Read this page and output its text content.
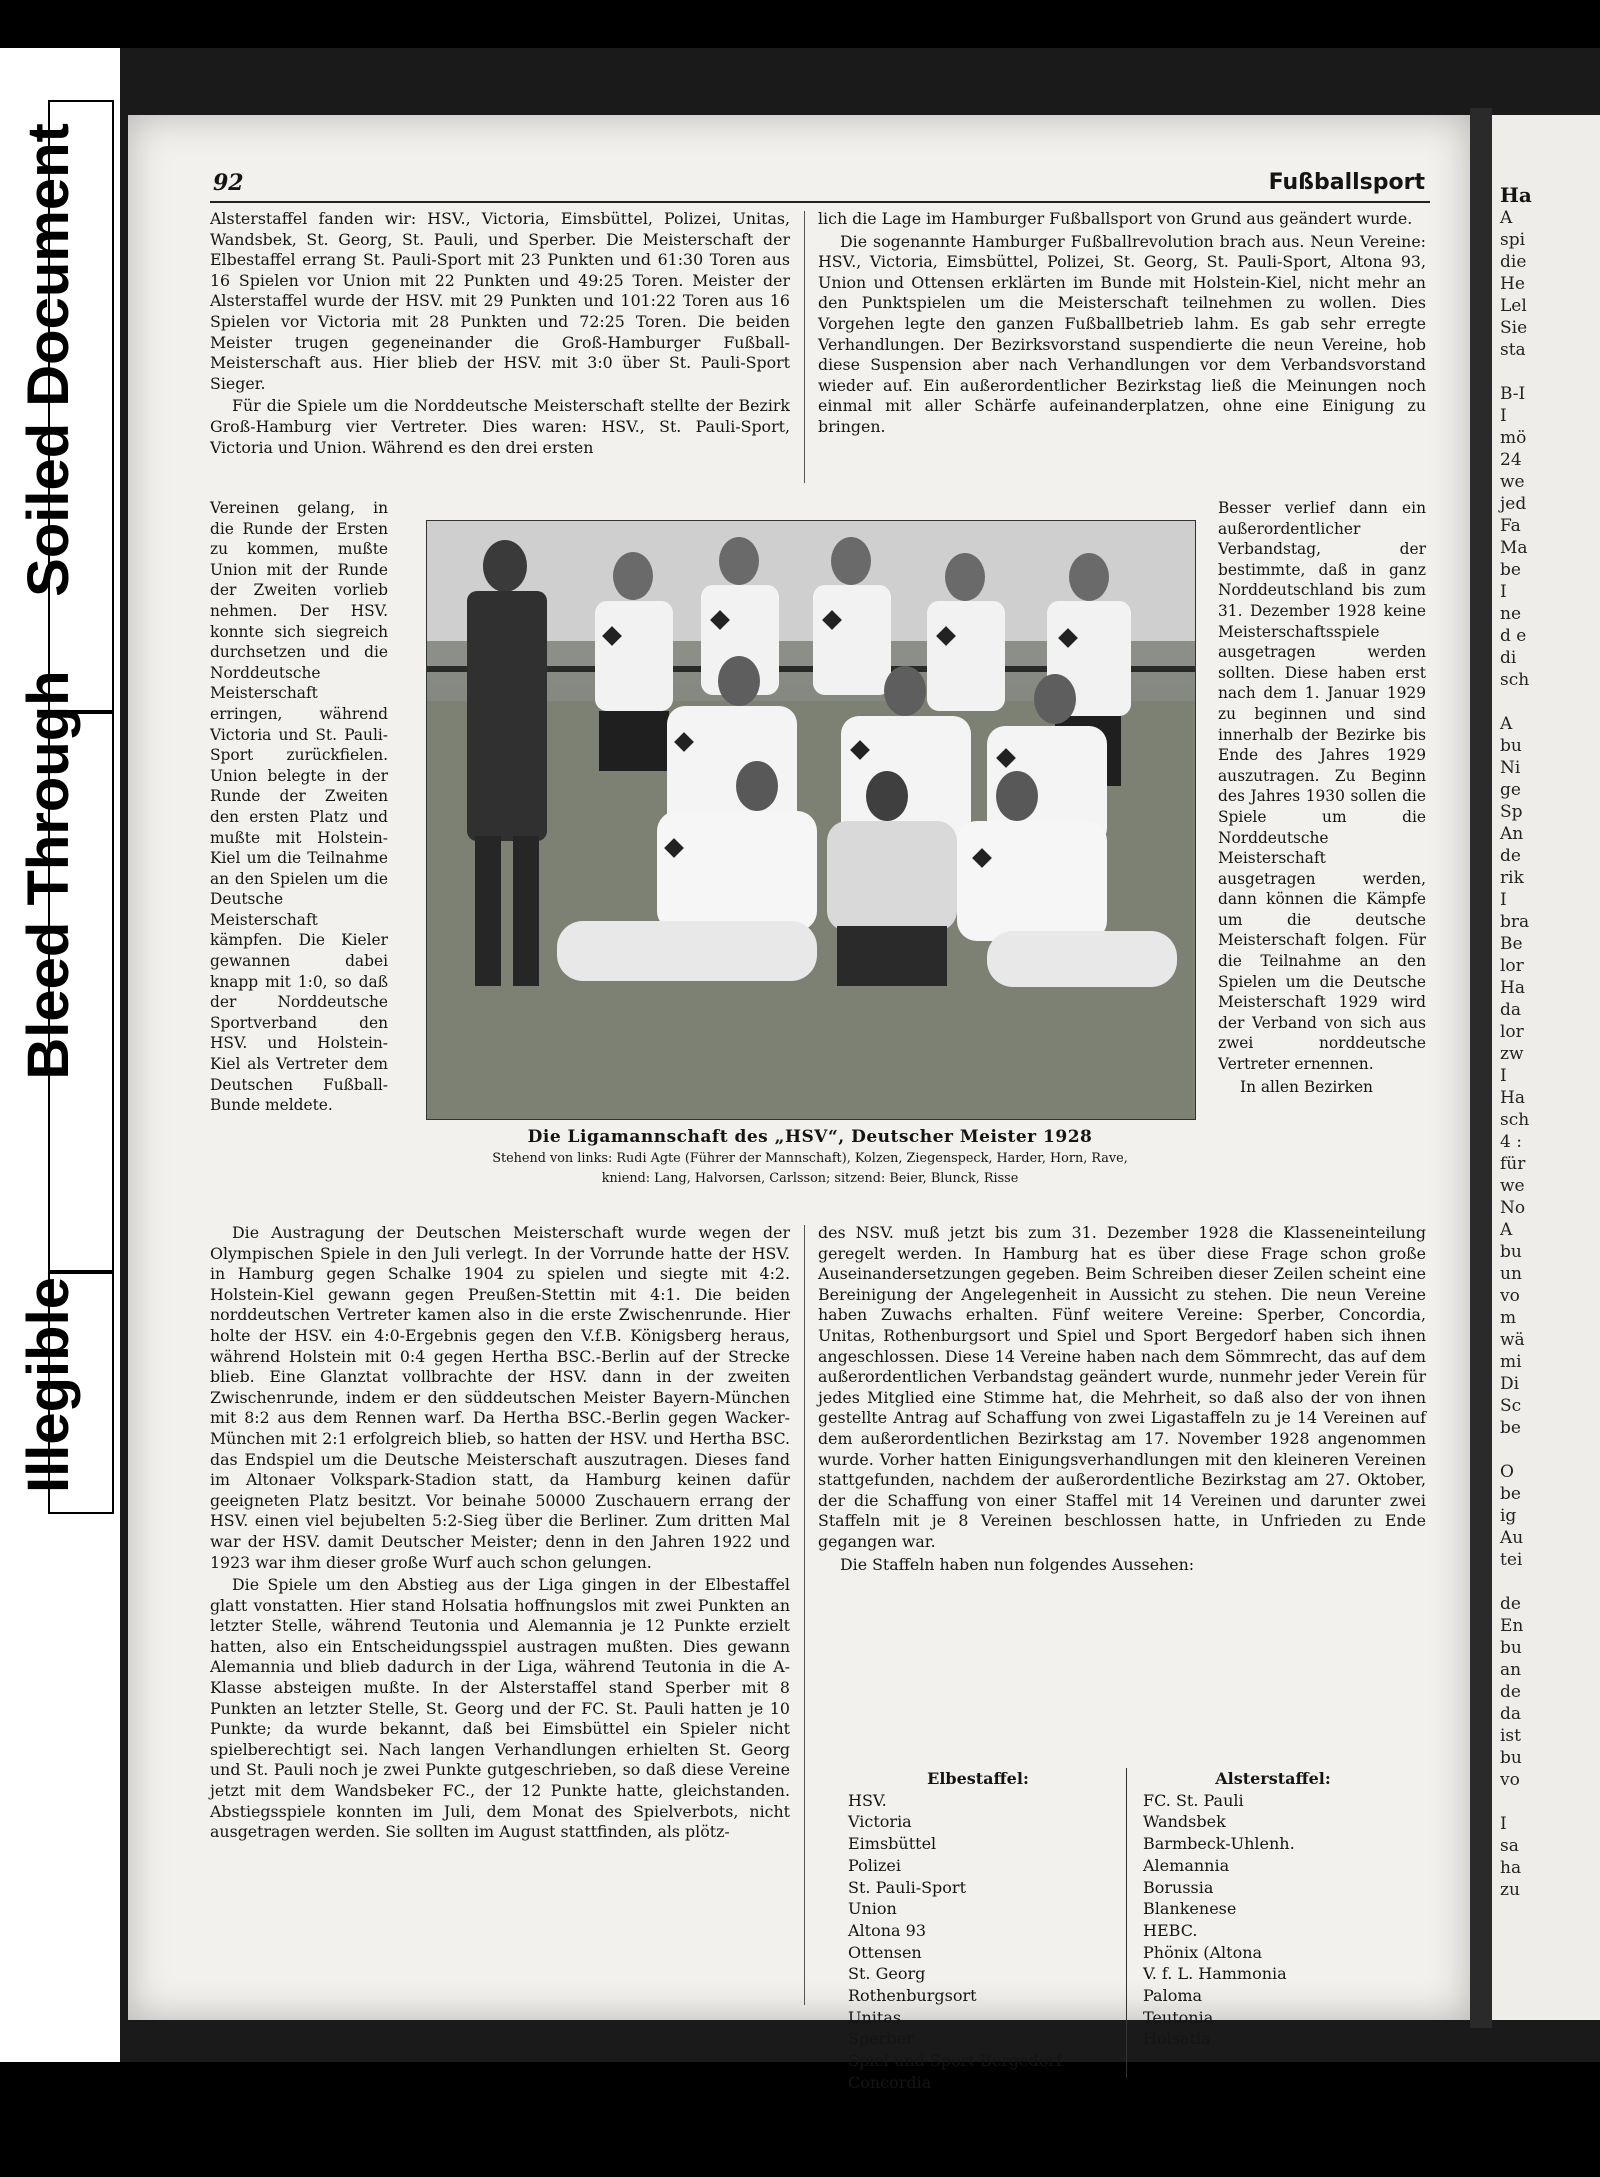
Illegible
Bleed Through
Soiled Document	92	Fußballsport

Alsterstaffel fanden wir: HSV., Victoria, Eimsbüttel, Polizei, Unitas, Wandsbek, St. Georg, St. Pauli, und Sperber. Die Meisterschaft der Elbestaffel errang St. Pauli-Sport mit 23 Punkten und 61:30 Toren aus 16 Spielen vor Union mit 22 Punkten und 49:25 Toren. Meister der Alsterstaffel wurde der HSV. mit 29 Punkten und 101:22 Toren aus 16 Spielen vor Victoria mit 28 Punkten und 72:25 Toren. Die beiden Meister trugen gegeneinander die Groß-Hamburger Fußball-Meisterschaft aus. Hier blieb der HSV. mit 3:0 über St. Pauli-Sport Sieger.

Für die Spiele um die Norddeutsche Meisterschaft stellte der Bezirk Groß-Hamburg vier Vertreter. Dies waren: HSV., St. Pauli-Sport, Victoria und Union. Während es den drei ersten

lich die Lage im Hamburger Fußballsport von Grund aus geändert wurde.

Die sogenannte Hamburger Fußballrevolution brach aus. Neun Vereine: HSV., Victoria, Eimsbüttel, Polizei, St. Georg, St. Pauli-Sport, Altona 93, Union und Ottensen erklärten im Bunde mit Holstein-Kiel, nicht mehr an den Punktspielen um die Meisterschaft teilnehmen zu wollen. Dies Vorgehen legte den ganzen Fußballbetrieb lahm. Es gab sehr erregte Verhandlungen. Der Bezirksvorstand suspendierte die neun Vereine, hob diese Suspension aber nach Verhandlungen vor dem Verbandsvorstand wieder auf. Ein außerordentlicher Bezirkstag ließ die Meinungen noch einmal mit aller Schärfe aufeinanderplatzen, ohne eine Einigung zu bringen.

Vereinen gelang, in die Runde der Ersten zu kommen, mußte Union mit der Runde der Zweiten vorlieb nehmen. Der HSV. konnte sich siegreich durchsetzen und die Norddeutsche Meisterschaft erringen, während Victoria und St. Pauli-Sport zurückfielen. Union belegte in der Runde der Zweiten den ersten Platz und mußte mit Holstein-Kiel um die Teilnahme an den Spielen um die Deutsche Meisterschaft kämpfen. Die Kieler gewannen dabei knapp mit 1:0, so daß der Norddeutsche Sportverband den HSV. und Holstein-Kiel als Vertreter dem Deutschen Fußball-Bunde meldete.

Die Ligamannschaft des „HSV“, Deutscher Meister 1928
Stehend von links: Rudi Agte (Führer der Mannschaft), Kolzen, Ziegenspeck, Harder, Horn, Rave,
kniend: Lang, Halvorsen, Carlsson; sitzend: Beier, Blunck, Risse

Besser verlief dann ein außerordentlicher Verbandstag, der bestimmte, daß in ganz Norddeutschland bis zum 31. Dezember 1928 keine Meisterschaftsspiele ausgetragen werden sollten. Diese haben erst nach dem 1. Januar 1929 zu beginnen und sind innerhalb der Bezirke bis Ende des Jahres 1929 auszutragen. Zu Beginn des Jahres 1930 sollen die Spiele um die Norddeutsche Meisterschaft ausgetragen werden, dann können die Kämpfe um die deutsche Meisterschaft folgen. Für die Teilnahme an den Spielen um die Deutsche Meisterschaft 1929 wird der Verband von sich aus zwei norddeutsche Vertreter ernennen.

In allen Bezirken

Die Austragung der Deutschen Meisterschaft wurde wegen der Olympischen Spiele in den Juli verlegt. In der Vorrunde hatte der HSV. in Hamburg gegen Schalke 1904 zu spielen und siegte mit 4:2. Holstein-Kiel gewann gegen Preußen-Stettin mit 4:1. Die beiden norddeutschen Vertreter kamen also in die erste Zwischenrunde. Hier holte der HSV. ein 4:0-Ergebnis gegen den V.f.B. Königsberg heraus, während Holstein mit 0:4 gegen Hertha BSC.-Berlin auf der Strecke blieb. Eine Glanztat vollbrachte der HSV. dann in der zweiten Zwischenrunde, indem er den süddeutschen Meister Bayern-München mit 8:2 aus dem Rennen warf. Da Hertha BSC.-Berlin gegen Wacker-München mit 2:1 erfolgreich blieb, so hatten der HSV. und Hertha BSC. das Endspiel um die Deutsche Meisterschaft auszutragen. Dieses fand im Altonaer Volkspark-Stadion statt, da Hamburg keinen dafür geeigneten Platz besitzt. Vor beinahe 50000 Zuschauern errang der HSV. einen viel bejubelten 5:2-Sieg über die Berliner. Zum dritten Mal war der HSV. damit Deutscher Meister; denn in den Jahren 1922 und 1923 war ihm dieser große Wurf auch schon gelungen.

Die Spiele um den Abstieg aus der Liga gingen in der Elbestaffel glatt vonstatten. Hier stand Holsatia hoffnungslos mit zwei Punkten an letzter Stelle, während Teutonia und Alemannia je 12 Punkte erzielt hatten, also ein Entscheidungsspiel austragen mußten. Dies gewann Alemannia und blieb dadurch in der Liga, während Teutonia in die A-Klasse absteigen mußte. In der Alsterstaffel stand Sperber mit 8 Punkten an letzter Stelle, St. Georg und der FC. St. Pauli hatten je 10 Punkte; da wurde bekannt, daß bei Eimsbüttel ein Spieler nicht spielberechtigt sei. Nach langen Verhandlungen erhielten St. Georg und St. Pauli noch je zwei Punkte gutgeschrieben, so daß diese Vereine jetzt mit dem Wandsbeker FC., der 12 Punkte hatte, gleichstanden. Abstiegsspiele konnten im Juli, dem Monat des Spielverbots, nicht ausgetragen werden. Sie sollten im August stattfinden, als plötz-

des NSV. muß jetzt bis zum 31. Dezember 1928 die Klasseneinteilung geregelt werden. In Hamburg hat es über diese Frage schon große Auseinandersetzungen gegeben. Beim Schreiben dieser Zeilen scheint eine Bereinigung der Angelegenheit in Aussicht zu stehen. Die neun Vereine haben Zuwachs erhalten. Fünf weitere Vereine: Sperber, Concordia, Unitas, Rothenburgsort und Spiel und Sport Bergedorf haben sich ihnen angeschlossen. Diese 14 Vereine haben nach dem Sömmrecht, das auf dem außerordentlichen Verbandstag geändert wurde, nunmehr jeder Verein für jedes Mitglied eine Stimme hat, die Mehrheit, so daß also der von ihnen gestellte Antrag auf Schaffung von zwei Ligastaffeln zu je 14 Vereinen auf dem außerordentlichen Bezirkstag am 17. November 1928 angenommen wurde. Vorher hatten Einigungsverhandlungen mit den kleineren Vereinen stattgefunden, nachdem der außerordentliche Bezirkstag am 27. Oktober, der die Schaffung von einer Staffel mit 14 Vereinen und darunter zwei Staffeln mit je 8 Vereinen beschlossen hatte, in Unfrieden zu Ende gegangen war.

Die Staffeln haben nun folgendes Aussehen:

Elbestaffel:
HSV.
Victoria
Eimsbüttel
Polizei
St. Pauli-Sport
Union
Altona 93
Ottensen
St. Georg
Rothenburgsort
Unitas
Sperber
Spiel und Sport Bergedorf
Concordia
Alsterstaffel:
FC. St. Pauli
Wandsbek
Barmbeck-Uhlenh.
Alemannia
Borussia
Blankenese
HEBC.
Phönix (Altona
V. f. L. Hammonia
Paloma
Teutonia
Holsatia
Ha
A
spi
die
He
Lel
Sie
sta

B-I
I
mö
24
we
jed
Fa
Ma
be
I
ne
d e
di
sch

A
bu
Ni
ge
Sp
An
de
rik
I
bra
Be
lor
Ha
da
lor
zw
I
Ha
sch
4 :
für
we
No
A
bu
un
vo
m
wä
mi
Di
Sc
be

O
be
ig
Au
tei

de
En
bu
an
de
da
ist
bu
vo

I
sa
ha
zu
